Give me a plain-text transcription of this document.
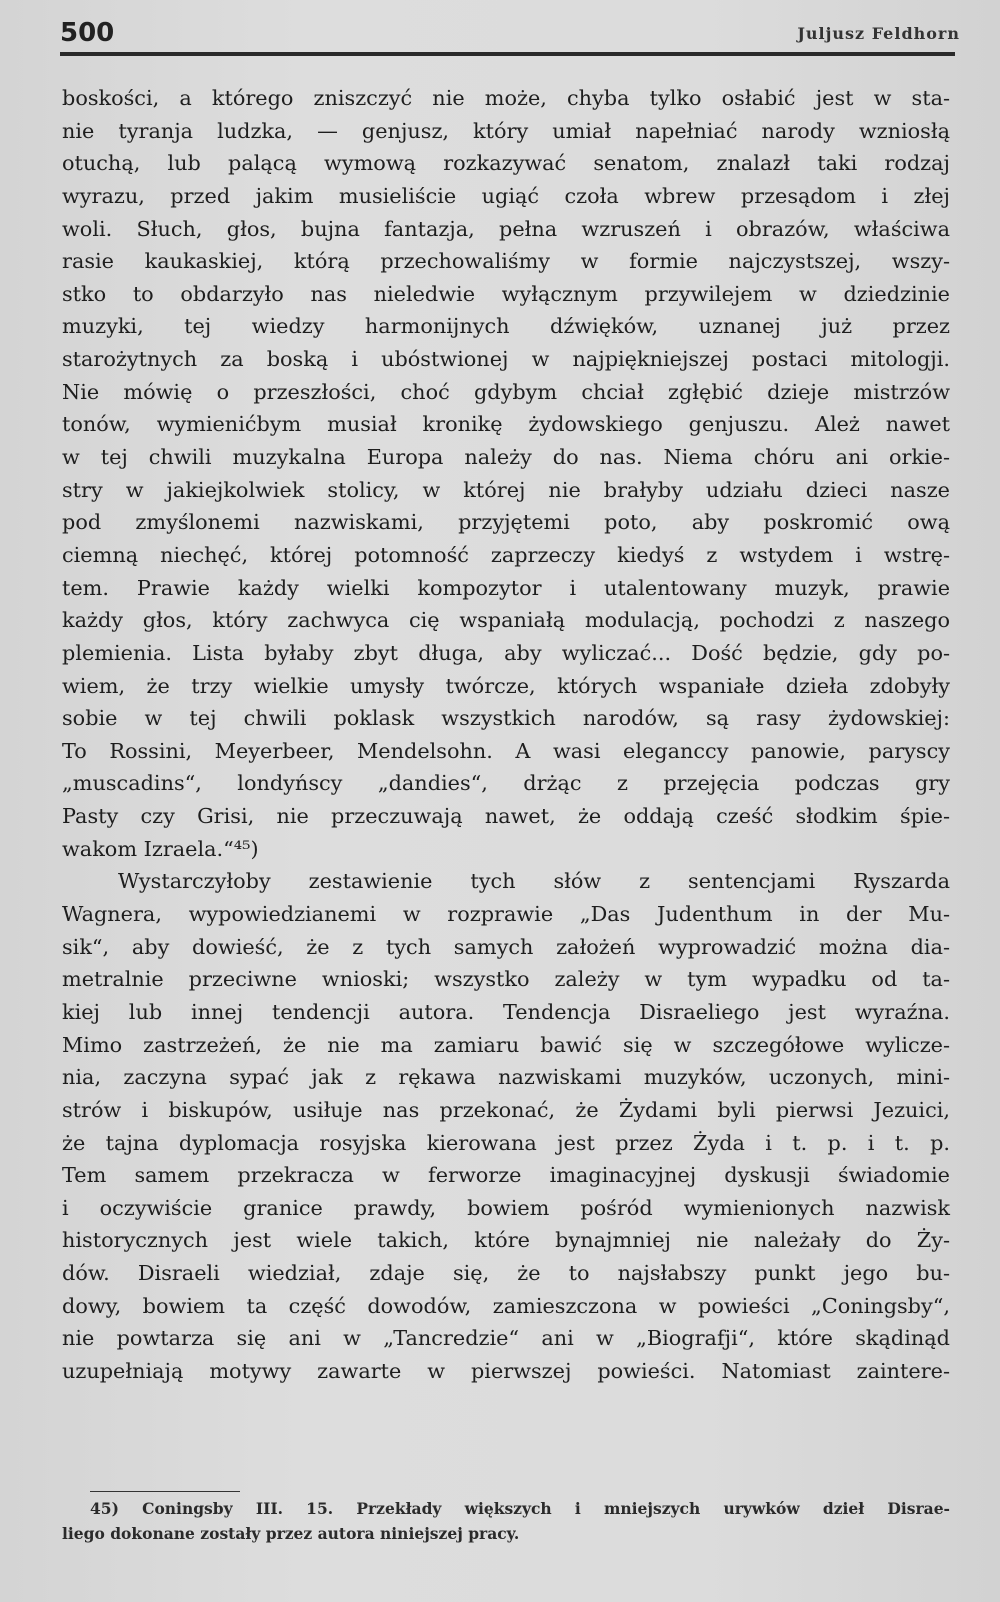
500	Juljusz Feldhorn
boskości, a którego zniszczyć nie może, chyba tylko osłabić jest w sta-
nie tyranja ludzka, — genjusz, który umiał napełniać narody wzniosłą
otuchą, lub palącą wymową rozkazywać senatom, znalazł taki rodzaj
wyrazu, przed jakim musieliście ugiąć czoła wbrew przesądom i złej
woli. Słuch, głos, bujna fantazja, pełna wzruszeń i obrazów, właściwa
rasie kaukaskiej, którą przechowaliśmy w formie najczystszej, wszy-
stko to obdarzyło nas nieledwie wyłącznym przywilejem w dziedzinie
muzyki, tej wiedzy harmonijnych dźwięków, uznanej już przez
starożytnych za boską i ubóstwionej w najpiękniejszej postaci mitologji.
Nie mówię o przeszłości, choć gdybym chciał zgłębić dzieje mistrzów
tonów, wymienićbym musiał kronikę żydowskiego genjuszu. Ależ nawet
w tej chwili muzykalna Europa należy do nas. Niema chóru ani orkie-
stry w jakiejkolwiek stolicy, w której nie brałyby udziału dzieci nasze
pod zmyślonemi nazwiskami, przyjętemi poto, aby poskromić ową
ciemną niechęć, której potomność zaprzeczy kiedyś z wstydem i wstrę-
tem. Prawie każdy wielki kompozytor i utalentowany muzyk, prawie
każdy głos, który zachwyca cię wspaniałą modulacją, pochodzi z naszego
plemienia. Lista byłaby zbyt długa, aby wyliczać... Dość będzie, gdy po-
wiem, że trzy wielkie umysły twórcze, których wspaniałe dzieła zdobyły
sobie w tej chwili poklask wszystkich narodów, są rasy żydowskiej:
To Rossini, Meyerbeer, Mendelsohn. A wasi eleganccy panowie, paryscy
„muscadins“, londyńscy „dandies“, drżąc z przejęcia podczas gry
Pasty czy Grisi, nie przeczuwają nawet, że oddają cześć słodkim śpie-
wakom Izraela.“⁴⁵)
Wystarczyłoby zestawienie tych słów z sentencjami Ryszarda
Wagnera, wypowiedzianemi w rozprawie „Das Judenthum in der Mu-
sik“, aby dowieść, że z tych samych założeń wyprowadzić można dia-
metralnie przeciwne wnioski; wszystko zależy w tym wypadku od ta-
kiej lub innej tendencji autora. Tendencja Disraeliego jest wyraźna.
Mimo zastrzeżeń, że nie ma zamiaru bawić się w szczegółowe wylicze-
nia, zaczyna sypać jak z rękawa nazwiskami muzyków, uczonych, mini-
strów i biskupów, usiłuje nas przekonać, że Żydami byli pierwsi Jezuici,
że tajna dyplomacja rosyjska kierowana jest przez Żyda i t. p. i t. p.
Tem samem przekracza w ferworze imaginacyjnej dyskusji świadomie
i oczywiście granice prawdy, bowiem pośród wymienionych nazwisk
historycznych jest wiele takich, które bynajmniej nie należały do Ży-
dów. Disraeli wiedział, zdaje się, że to najsłabszy punkt jego bu-
dowy, bowiem ta część dowodów, zamieszczona w powieści „Coningsby“,
nie powtarza się ani w „Tancredzie“ ani w „Biografji“, które skądinąd
uzupełniają motywy zawarte w pierwszej powieści. Natomiast zaintere-
45) Coningsby III. 15. Przekłady większych i mniejszych urywków dzieł Disrae-
liego dokonane zostały przez autora niniejszej pracy.
